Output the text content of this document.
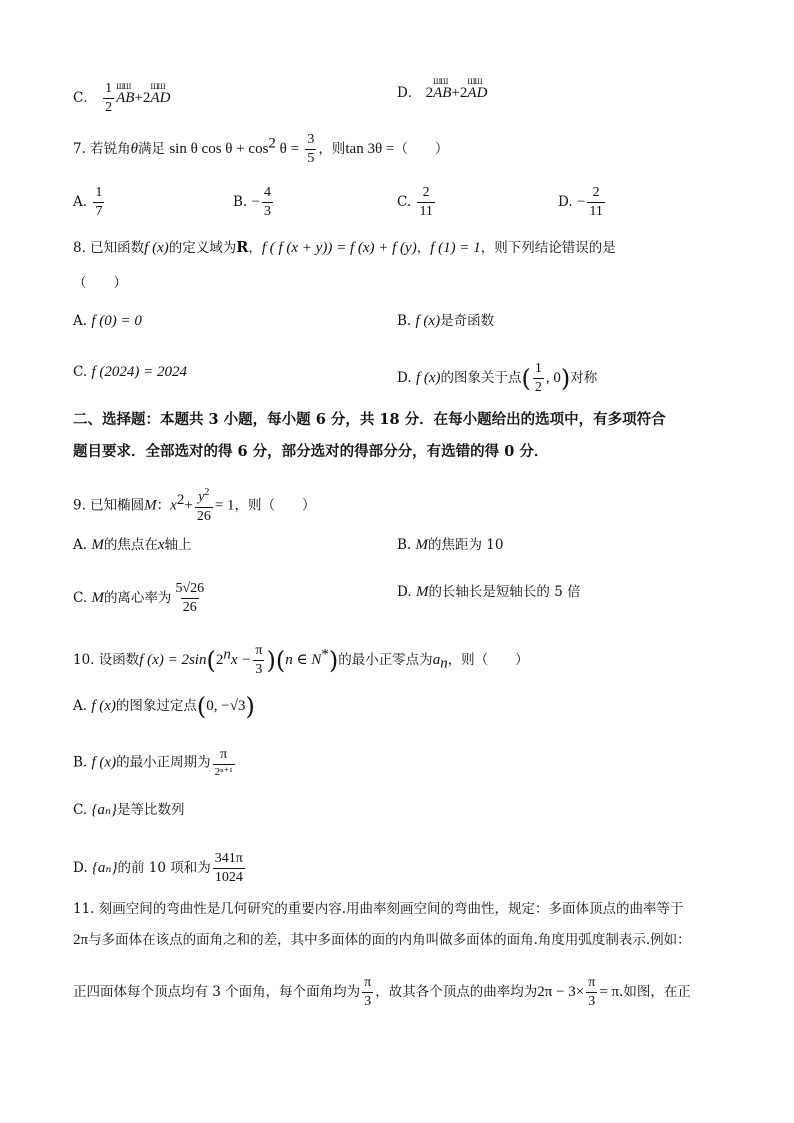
C． $\frac{1}{2}$ ШШ
AB+2
ШШ
AD	D． 2
ШШ
AB+2
ШШ
AD
7. 若锐角θ满足 sin θ $\cos \theta + \cos^2 \theta = \frac{3}{5}$ ，则tan 3θ =（　　）
A. $\frac{1}{7}$	B. − $\frac{4}{3}$	C. $\frac{2}{11}$	D. − $\frac{2}{11}$
8. 已知函数f (x)的定义域为R，f ( f (x + y)) = f (x) + f (y)，f (1) = 1，则下列结论错误的是
（　　）
A. f (0) = 0	B. f (x)是奇函数
C. f (2024) = 2024	D. f (x)的图象关于点( $\frac{1}{2}$ , 0)对称
二、选择题：本题共 3 小题，每小题 6 分，共 18 分．在每小题给出的选项中，有多项符合
题目要求．全部选对的得 6 分，部分选对的得部分分，有选错的得 0 分．
9. 已知椭圆M：$x^2+ \frac{y^2}{26} = 1$，则（　　）
A. M的焦点在x轴上	B. M的焦距为 10
C. M的离心率为 $\frac{5√26}{26}$	D. M的长轴长是短轴长的 5 倍
10. 设函数f $(x) = 2\sin(2^nx - \frac{\pi}{3} )(n$ ∈ N*)的最小正零点为$a_n$，则（　　）
A. f (x)的图象过定点(0, −√3)
B. f (x)的最小正周期为 $\frac{\pi}{\text{2ⁿ⁺¹}}$
C. {aₙ}是等比数列
D. {aₙ}的前 10 项和为 $\frac{341\pi}{1024}$
11. 刻画空间的弯曲性是几何研究的重要内容.用曲率刻画空间的弯曲性，规定：多面体顶点的曲率等于
2π与多面体在该点的面角之和的差，其中多面体的面的内角叫做多面体的面角.角度用弧度制表示.例如：
正四面体每个顶点均有 3 个面角，每个面角均为 $\frac{\pi}{3}$ ，故其各个顶点的曲率均为$2\pi - 3\times \frac{\pi}{3} = \pi$.如图，在正
